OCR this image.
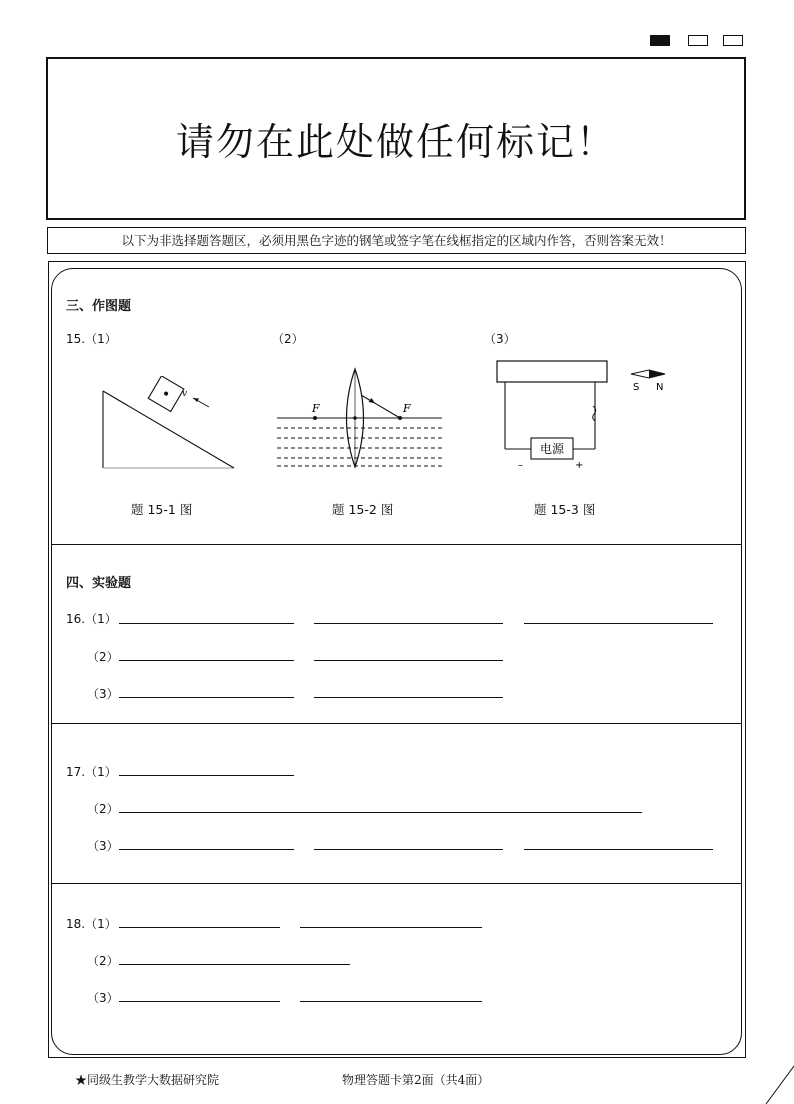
请勿在此处做任何标记！
以下为非选择题答题区，必须用黑色字迹的钢笔或签字笔在线框指定的区域内作答，否则答案无效！
三、作图题
15.（1）	（2）	（3）
v
题 15-1 图
F	F
题 15-2 图
电源
–	+
S N
题 15-3 图
四、实验题
16.（1）
（2）
（3）
17.（1）
（2）
（3）
18.（1）
（2）
（3）
★同级生教学大数据研究院	物理答题卡第2面（共4面）
